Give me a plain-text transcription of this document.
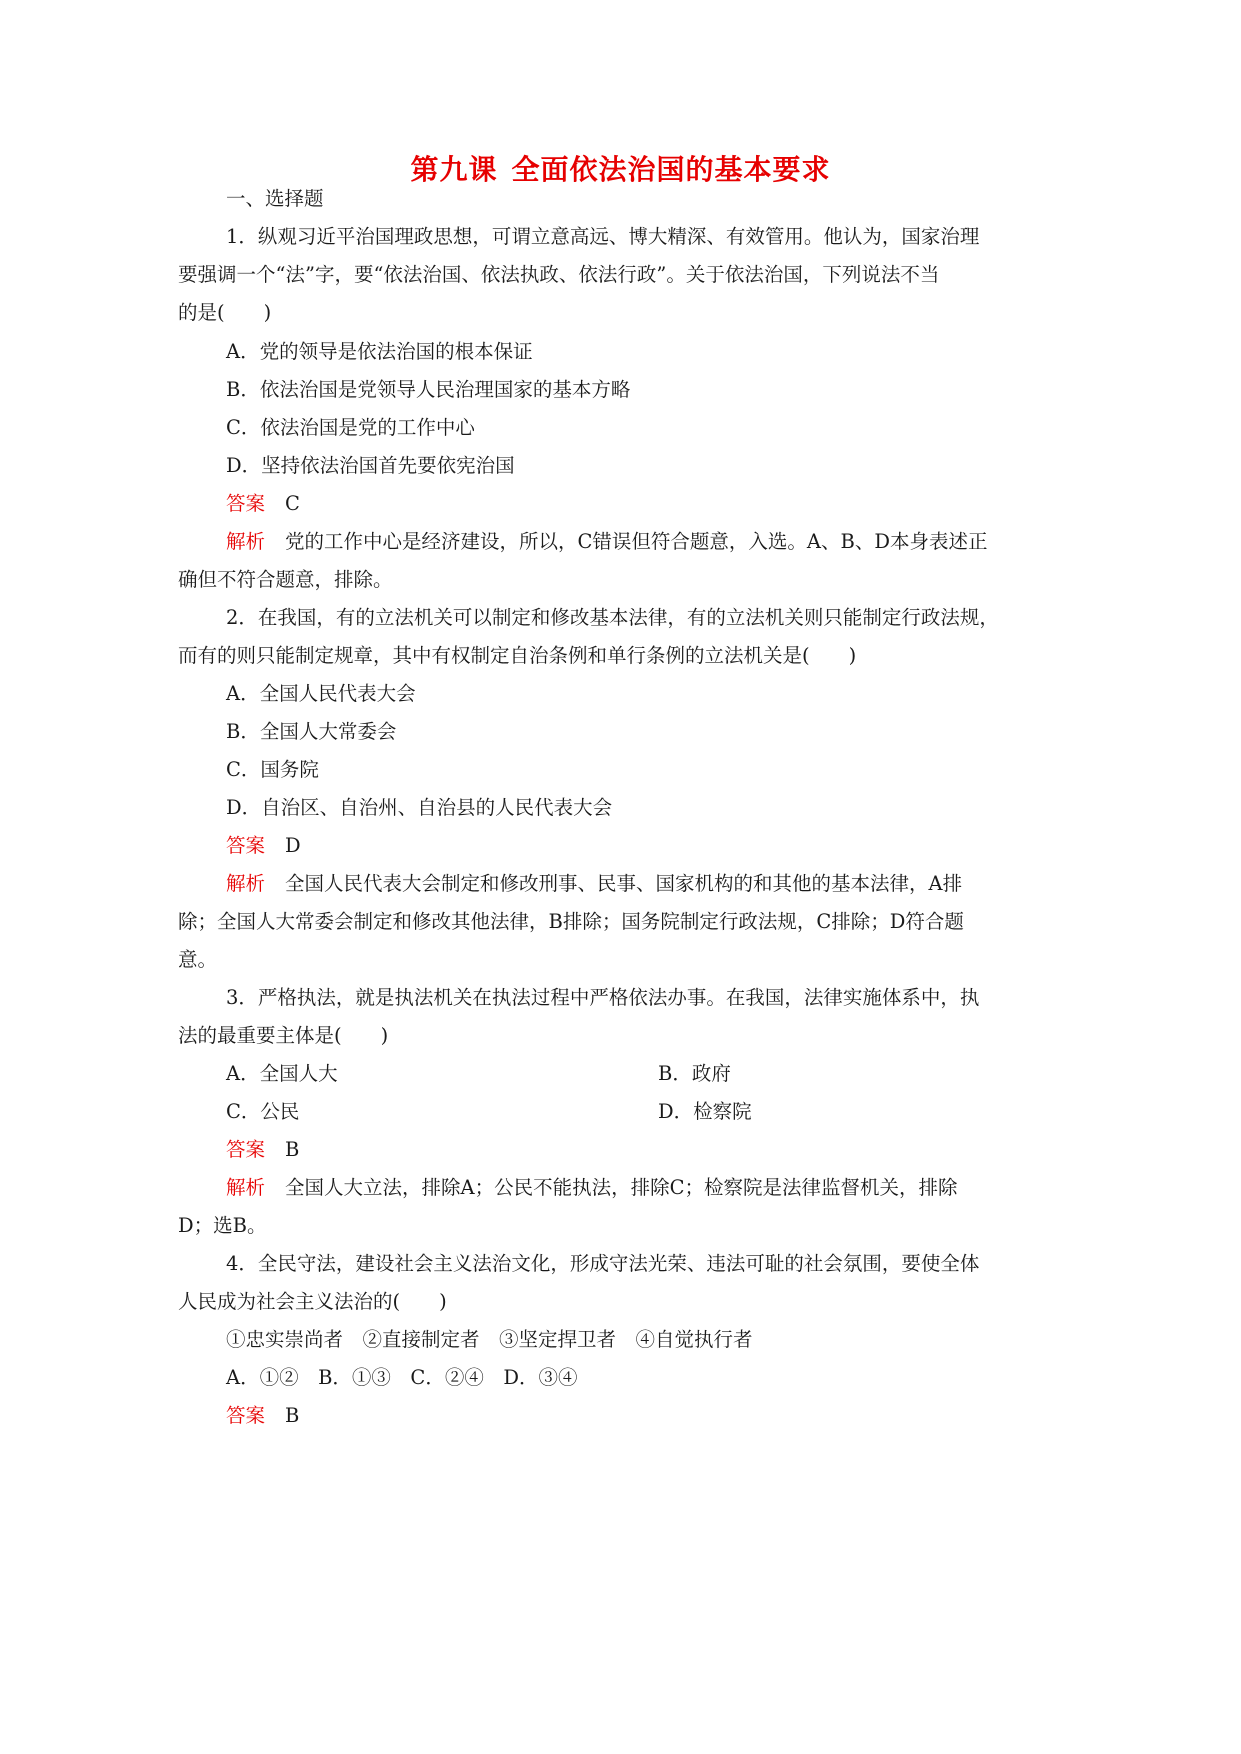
第九课 全面依法治国的基本要求
一、选择题
1．纵观习近平治国理政思想，可谓立意高远、博大精深、有效管用。他认为，国家治理
要强调一个“法”字，要“依法治国、依法执政、依法行政”。关于依法治国，下列说法不当
的是(　　)
A．党的领导是依法治国的根本保证
B．依法治国是党领导人民治理国家的基本方略
C．依法治国是党的工作中心
D．坚持依法治国首先要依宪治国
答案 C
解析 党的工作中心是经济建设，所以，C错误但符合题意，入选。A、B、D本身表述正
确但不符合题意，排除。
2．在我国，有的立法机关可以制定和修改基本法律，有的立法机关则只能制定行政法规，
而有的则只能制定规章，其中有权制定自治条例和单行条例的立法机关是(　　)
A．全国人民代表大会
B．全国人大常委会
C．国务院
D．自治区、自治州、自治县的人民代表大会
答案 D
解析 全国人民代表大会制定和修改刑事、民事、国家机构的和其他的基本法律，A排
除；全国人大常委会制定和修改其他法律，B排除；国务院制定行政法规，C排除；D符合题
意。
3．严格执法，就是执法机关在执法过程中严格依法办事。在我国，法律实施体系中，执
法的最重要主体是(　　)
A．全国人大	B．政府
C．公民	D．检察院
答案 B
解析 全国人大立法，排除A；公民不能执法，排除C；检察院是法律监督机关，排除
D；选B。
4．全民守法，建设社会主义法治文化，形成守法光荣、违法可耻的社会氛围，要使全体
人民成为社会主义法治的(　　)
①忠实崇尚者　②直接制定者　③坚定捍卫者　④自觉执行者
A．①②　B．①③　C．②④　D．③④
答案 B
